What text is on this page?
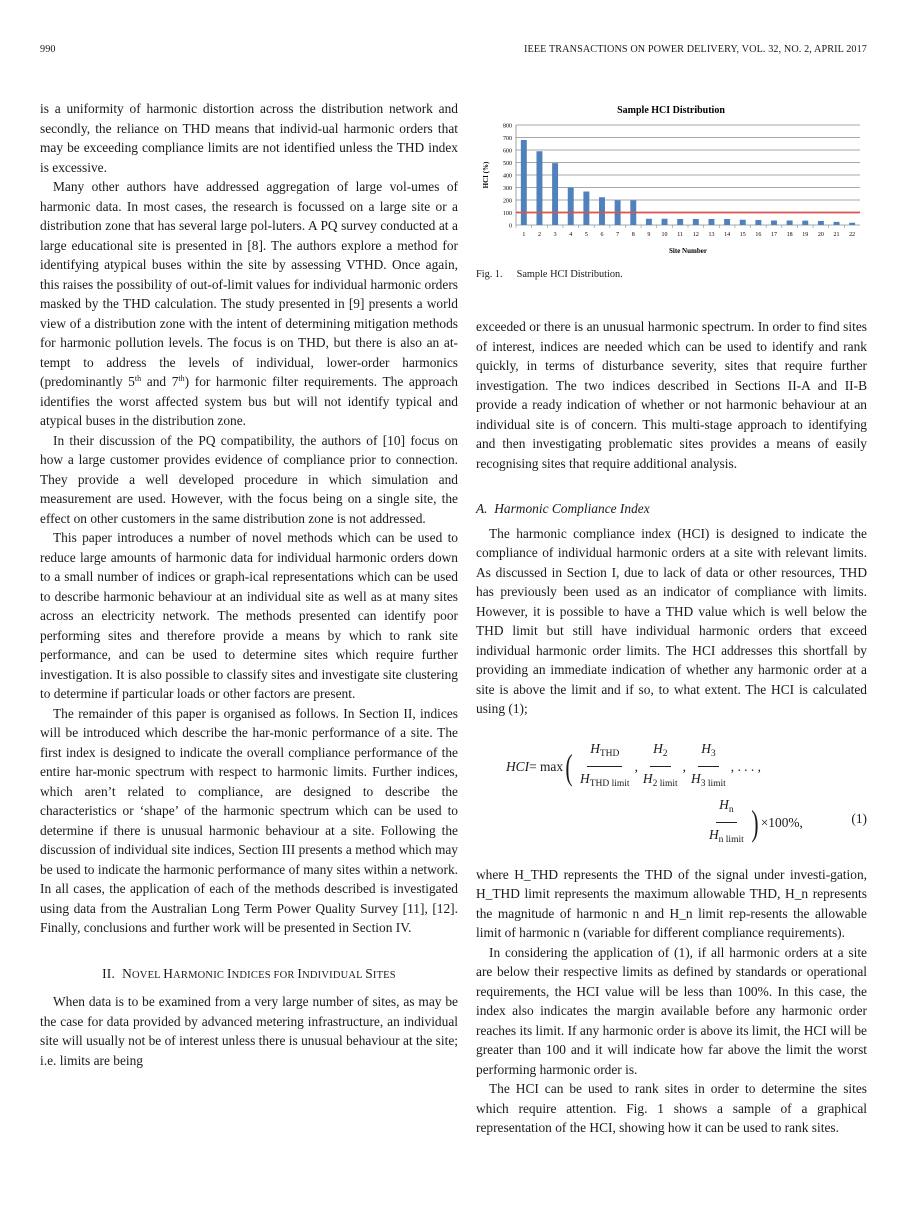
990	IEEE TRANSACTIONS ON POWER DELIVERY, VOL. 32, NO. 2, APRIL 2017

is a uniformity of harmonic distortion across the distribution network and secondly, the reliance on THD means that individ-ual harmonic orders that may be exceeding compliance limits are not identified unless the THD index is excessive.

Many other authors have addressed aggregation of large vol-umes of harmonic data. In most cases, the research is focussed on a large site or a distribution zone that has several large pol-luters. A PQ survey conducted at a large educational site is presented in [8]. The authors explore a method for identifying atypical buses within the site by assessing VTHD. Once again, this raises the possibility of out-of-limit values for individual harmonic orders masked by the THD calculation. The study presented in [9] presents a world view of a distribution zone with the intent of determining mitigation methods for harmonic pollution levels. The focus is on THD, but there is also an at-tempt to address the levels of individual, lower-order harmonics (predominantly 5th and 7th) for harmonic filter requirements. The approach identifies the worst affected system bus but will not identify typical and atypical buses in the distribution zone.

In their discussion of the PQ compatibility, the authors of [10] focus on how a large customer provides evidence of compliance prior to connection. They provide a well developed procedure in which simulation and measurement are used. However, with the focus being on a single site, the effect on other customers in the same distribution zone is not addressed.

This paper introduces a number of novel methods which can be used to reduce large amounts of harmonic data for individual harmonic orders down to a small number of indices or graph-ical representations which can be used to describe harmonic behaviour at an individual site as well as at many sites across an electricity network. The methods presented can identify poor performing sites and therefore provide a means by which to rank site performance, and can be used to determine sites which require further investigation. It is also possible to classify sites and investigate site clustering to determine if particular loads or other factors are present.

The remainder of this paper is organised as follows. In Section II, indices will be introduced which describe the har-monic performance of a site. The first index is designed to indicate the overall compliance performance of the entire har-monic spectrum with respect to harmonic limits. Further indices, which aren’t related to compliance, are designed to describe the characteristics or ‘shape’ of the harmonic spectrum which can be used to determine if there is unusual harmonic behaviour at a site. Following the discussion of individual site indices, Section III presents a method which may be used to indicate the harmonic performance of many sites within a network. In all cases, the application of each of the methods described is investigated using data from the Australian Long Term Power Quality Survey [11], [12]. Finally, conclusions and further work will be presented in Section IV.

II. NOVEL HARMONIC INDICES FOR INDIVIDUAL SITES

When data is to be examined from a very large number of sites, as may be the case for data provided by advanced metering infrastructure, an individual site will usually not be of interest unless there is unusual behaviour at the site; i.e. limits are being

Sample HCI Distribution
0
100
200
300
400
500
600
700
800
1 2 3 4 5 6 7 8 9 10 11 12 13 14 15 16 17 18 19 20 21 22
Site Number
HCI (%)
Fig. 1. Sample HCI Distribution.

exceeded or there is an unusual harmonic spectrum. In order to find sites of interest, indices are needed which can be used to identify and rank quickly, in terms of disturbance severity, sites that require further investigation. The two indices described in Sections II-A and II-B provide a ready indication of whether or not harmonic behaviour at an individual site is of concern. This multi-stage approach to identifying and then investigating problematic sites provides a means of easily recognising sites that require additional analysis.

A. Harmonic Compliance Index

The harmonic compliance index (HCI) is designed to indicate the compliance of individual harmonic orders at a site with relevant limits. As discussed in Section I, due to lack of data or other resources, THD has previously been used as an indicator of compliance with limits. However, it is possible to have a THD value which is well below the THD limit but still have individual harmonic orders that exceed individual harmonic order limits. The HCI addresses this shortfall by providing an immediate indication of whether any harmonic order at a site is above the limit and if so, to what extent. The HCI is calculated using (1);

HCI = max ( $\frac{H_{THD}}{H_{THD limit}}$ , $\frac{H_2}{H_{2 limit}}$ , $\frac{H_3}{H_{3 limit}}$ , . . . ,
$\frac{H_n}{H_{n limit}}$ ) ×100%,	(1)

where H_THD represents the THD of the signal under investi-gation, H_THD limit represents the maximum allowable THD, H_n represents the magnitude of harmonic n and H_n limit rep-resents the allowable limit of harmonic n (variable for different compliance requirements).

In considering the application of (1), if all harmonic orders at a site are below their respective limits as defined by standards or operational requirements, the HCI value will be less than 100%. In this case, the index also indicates the margin available before any harmonic order reaches its limit. If any harmonic order is above its limit, the HCI will be greater than 100 and it will indicate how far above the limit the worst performing harmonic order is.

The HCI can be used to rank sites in order to determine the sites which require attention. Fig. 1 shows a sample of a graphical representation of the HCI, showing how it can be used to rank sites.
